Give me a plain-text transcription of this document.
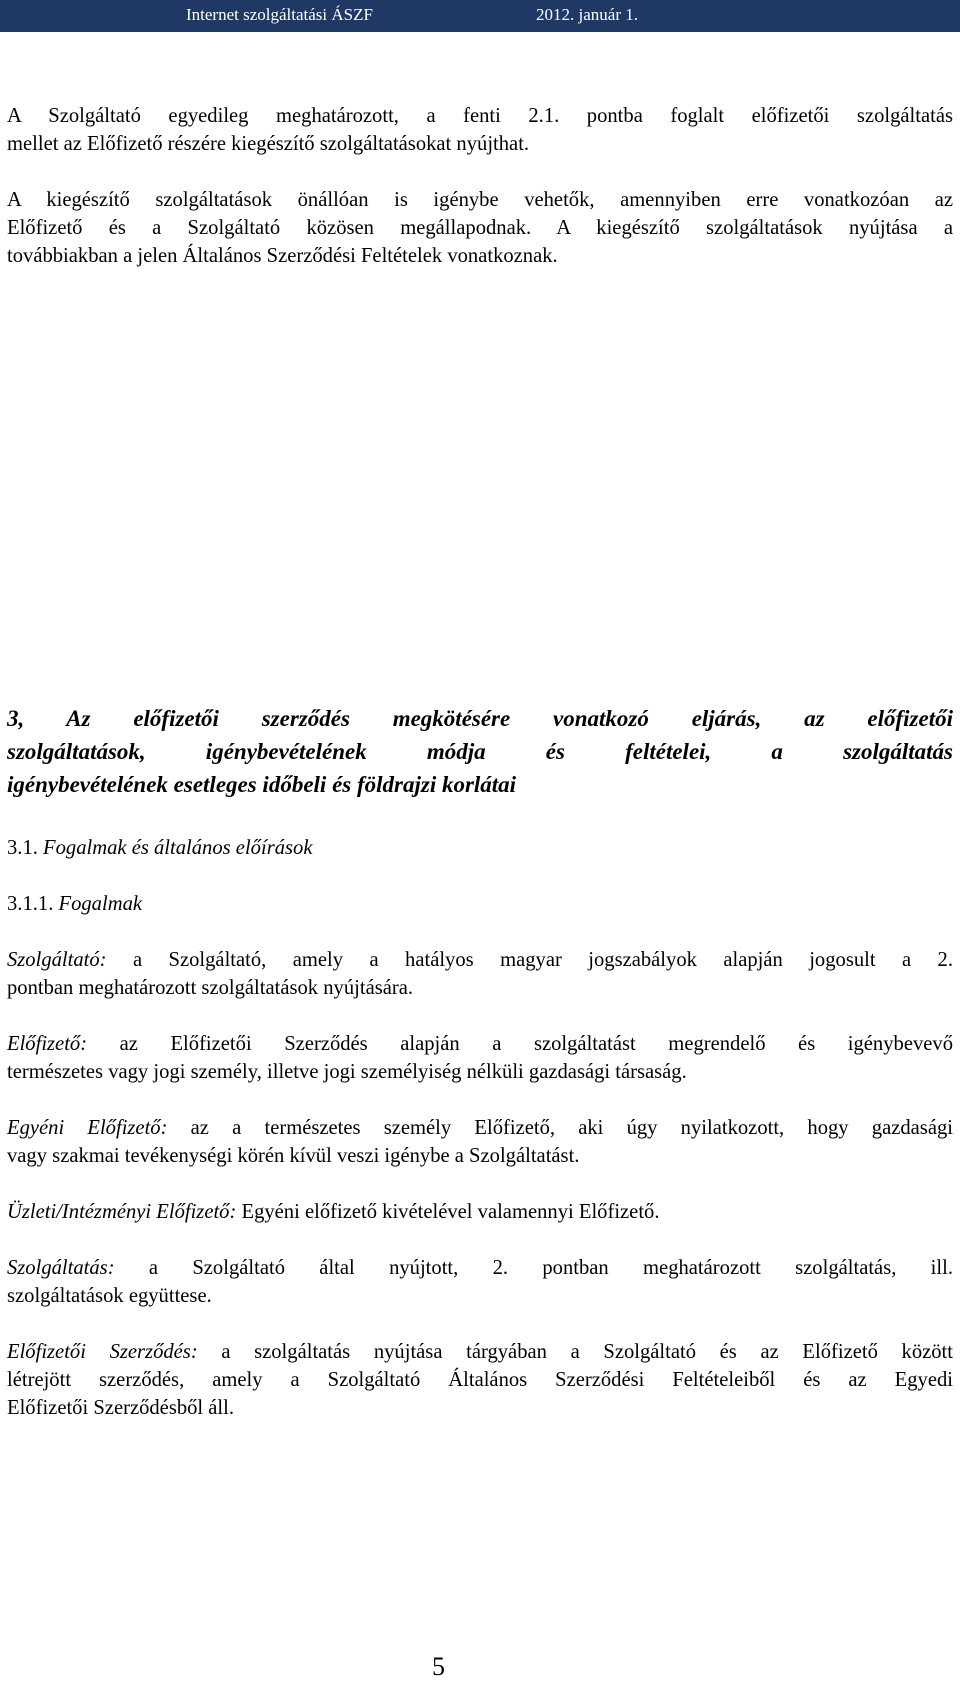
Internet szolgáltatási ÁSZF	2012. január 1.
A Szolgáltató egyedileg meghatározott, a fenti 2.1. pontba foglalt előfizetői szolgáltatás
mellet az Előfizető részére kiegészítő szolgáltatásokat nyújthat.
A kiegészítő szolgáltatások önállóan is igénybe vehetők, amennyiben erre vonatkozóan az
Előfizető és a Szolgáltató közösen megállapodnak. A kiegészítő szolgáltatások nyújtása a
továbbiakban a jelen Általános Szerződési Feltételek vonatkoznak.
3, Az előfizetői szerződés megkötésére vonatkozó eljárás, az előfizetői
szolgáltatások, igénybevételének módja és feltételei, a szolgáltatás
igénybevételének esetleges időbeli és földrajzi korlátai
3.1. Fogalmak és általános előírások
3.1.1. Fogalmak
Szolgáltató: a Szolgáltató, amely a hatályos magyar jogszabályok alapján jogosult a 2.
pontban meghatározott szolgáltatások nyújtására.
Előfizető: az Előfizetői Szerződés alapján a szolgáltatást megrendelő és igénybevevő
természetes vagy jogi személy, illetve jogi személyiség nélküli gazdasági társaság.
Egyéni Előfizető: az a természetes személy Előfizető, aki úgy nyilatkozott, hogy gazdasági
vagy szakmai tevékenységi körén kívül veszi igénybe a Szolgáltatást.
Üzleti/Intézményi Előfizető: Egyéni előfizető kivételével valamennyi Előfizető.
Szolgáltatás: a Szolgáltató által nyújtott, 2. pontban meghatározott szolgáltatás, ill.
szolgáltatások együttese.
Előfizetői Szerződés: a szolgáltatás nyújtása tárgyában a Szolgáltató és az Előfizető között
létrejött szerződés, amely a Szolgáltató Általános Szerződési Feltételeiből és az Egyedi
Előfizetői Szerződésből áll.
5
